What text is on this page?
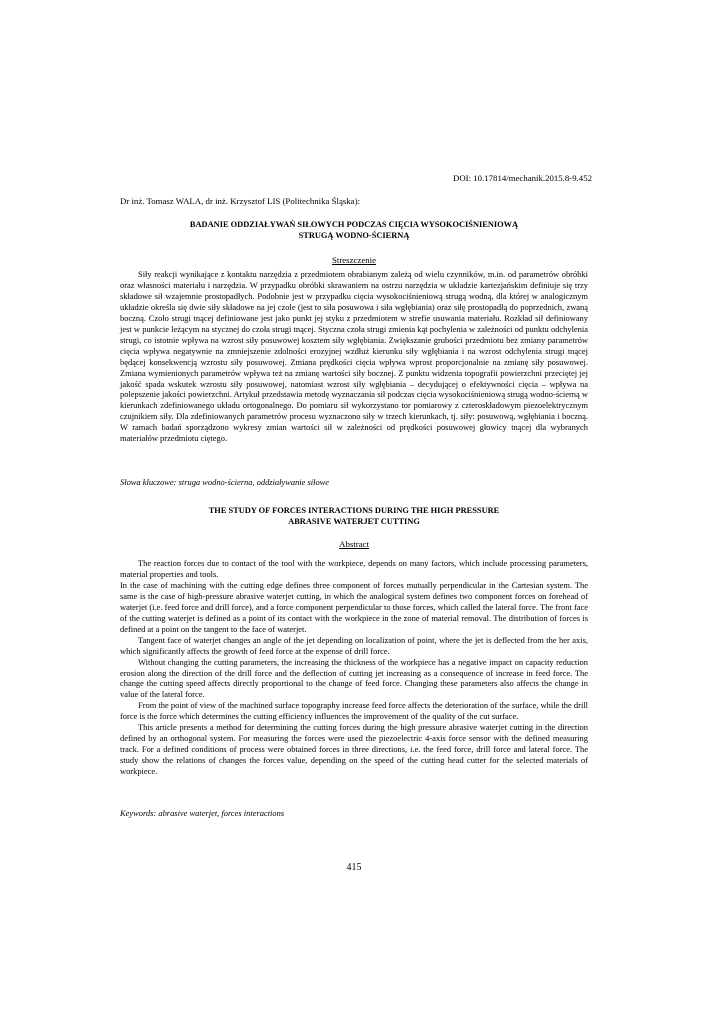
DOI: 10.17814/mechanik.2015.8-9.452
Dr inż. Tomasz WALA, dr inż. Krzysztof LIS (Politechnika Śląska):
BADANIE ODDZIAŁYWAŃ SIŁOWYCH PODCZAS CIĘCIA WYSOKOCIŚNIENIOWĄ
STRUGĄ WODNO-ŚCIERNĄ
Streszczenie

Siły reakcji wynikające z kontaktu narzędzia z przedmiotem obrabianym zależą od wielu czynników, m.in. od parametrów obróbki oraz własności materiału i narzędzia. W przypadku obróbki skrawaniem na ostrzu narzędzia w układzie kartezjańskim definiuje się trzy składowe sił wzajemnie prostopadłych. Podobnie jest w przypadku cięcia wysokociśnieniową strugą wodną, dla której w analogicznym układzie określa się dwie siły składowe na jej czole (jest to siła posuwowa i siła wgłębiania) oraz siłę prostopadłą do poprzednich, zwaną boczną. Czoło strugi tnącej definiowane jest jako punkt jej styku z przedmiotem w strefie usuwania materiału. Rozkład sił definiowany jest w punkcie leżącym na stycznej do czoła strugi tnącej. Styczna czoła strugi zmienia kąt pochylenia w zależności od punktu odchylenia strugi, co istotnie wpływa na wzrost siły posuwowej kosztem siły wgłębiania. Zwiększanie grubości przedmiotu bez zmiany parametrów cięcia wpływa negatywnie na zmniejszenie zdolności erozyjnej wzdłuż kierunku siły wgłębiania i na wzrost odchylenia strugi tnącej będącej konsekwencją wzrostu siły posuwowej. Zmiana prędkości cięcia wpływa wprost proporcjonalnie na zmianę siły posuwowej. Zmiana wymienionych parametrów wpływa też na zmianę wartości siły bocznej. Z punktu widzenia topografii powierzchni przeciętej jej jakość spada wskutek wzrostu siły posuwowej, natomiast wzrost siły wgłębiania – decydującej o efektywności cięcia – wpływa na polepszenie jakości powierzchni. Artykuł przedstawia metodę wyznaczania sił podczas cięcia wysokociśnieniową strugą wodno-ścierną w kierunkach zdefiniowanego układu ortogonalnego. Do pomiaru sił wykorzystano tor pomiarowy z czteroskładowym piezoelektrycznym czujnikiem siły. Dla zdefiniowanych parametrów procesu wyznaczono siły w trzech kierunkach, tj. siły: posuwową, wgłębiania i boczną. W ramach badań sporządzono wykresy zmian wartości sił w zależności od prędkości posuwowej głowicy tnącej dla wybranych materiałów przedmiotu ciętego.

Słowa kluczowe: struga wodno-ścierna, oddziaływanie siłowe
THE STUDY OF FORCES INTERACTIONS DURING THE HIGH PRESSURE
ABRASIVE WATERJET CUTTING
Abstract

The reaction forces due to contact of the tool with the workpiece, depends on many factors, which include processing parameters, material properties and tools.

In the case of machining with the cutting edge defines three component of forces mutually perpendicular in the Cartesian system. The same is the case of high-pressure abrasive waterjet cutting, in which the analogical system defines two component forces on forehead of waterjet (i.e. feed force and drill force), and a force component perpendicular to those forces, which called the lateral force. The front face of the cutting waterjet is defined as a point of its contact with the workpiece in the zone of material removal. The distribution of forces is defined at a point on the tangent to the face of waterjet.

Tangent face of waterjet changes an angle of the jet depending on localization of point, where the jet is deflected from the her axis, which significantly affects the growth of feed force at the expense of drill force.

Without changing the cutting parameters, the increasing the thickness of the workpiece has a negative impact on capacity reduction erosion along the direction of the drill force and the deflection of cutting jet increasing as a consequence of increase in feed force. The change the cutting speed affects directly proportional to the change of feed force. Changing these parameters also affects the change in value of the lateral force.

From the point of view of the machined surface topography increase feed force affects the deterioration of the surface, while the drill force is the force which determines the cutting efficiency influences the improvement of the quality of the cut surface.

This article presents a method for determining the cutting forces during the high pressure abrasive waterjet cutting in the direction defined by an orthogonal system. For measuring the forces were used the piezoelectric 4-axis force sensor with the defined measuring track. For a defined conditions of process were obtained forces in three directions, i.e. the feed force, drill force and lateral force. The study show the relations of changes the forces value, depending on the speed of the cutting head cutter for the selected materials of workpiece.

Keywords: abrasive waterjet, forces interactions
415
